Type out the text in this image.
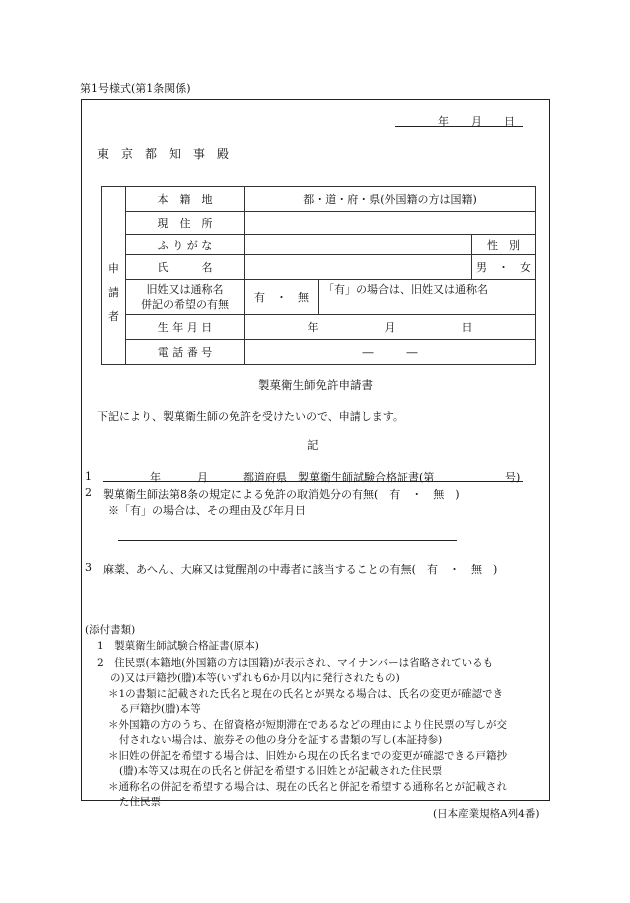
第1号様式(第1条関係)
年　　月　　日
東　京　都　知　事　殿
申
請
者	本　籍　地	都・道・府・県(外国籍の方は国籍)		
	現　住　所			
	ふ り が な			性　別
	氏　　　名			男　・　女

	旧姓又は通称名
併記の希望の有無	有　・　無	「有」の場合は、旧姓又は通称名	
	生 年 月 日	年　　　　　　月　　　　　　日		
	電 話 番 号	―　　　―		
製菓衛生師免許申請書
下記により、製菓衛生師の免許を受けたいので、申請します。
記
1	年	月	都道府県　製菓衛生師試験合格証書(第	号)
2 製菓衛生師法第8条の規定による免許の取消処分の有無(　有　・　無　)
※「有」の場合は、その理由及び年月日
3 麻薬、あへん、大麻又は覚醒剤の中毒者に該当することの有無(　有　・　無　)
(添付書類)
1　製菓衛生師試験合格証書(原本)
2　住民票(本籍地(外国籍の方は国籍)が表示され、マイナンバーは省略されているも
の)又は戸籍抄(謄)本等(いずれも6か月以内に発行されたもの)
＊1の書類に記載された氏名と現在の氏名とが異なる場合は、氏名の変更が確認でき
る戸籍抄(謄)本等
＊外国籍の方のうち、在留資格が短期滞在であるなどの理由により住民票の写しが交
付されない場合は、旅券その他の身分を証する書類の写し(本証持参)
＊旧姓の併記を希望する場合は、旧姓から現在の氏名までの変更が確認できる戸籍抄
(謄)本等又は現在の氏名と併記を希望する旧姓とが記載された住民票
＊通称名の併記を希望する場合は、現在の氏名と併記を希望する通称名とが記載され
た住民票
(日本産業規格A列4番)
